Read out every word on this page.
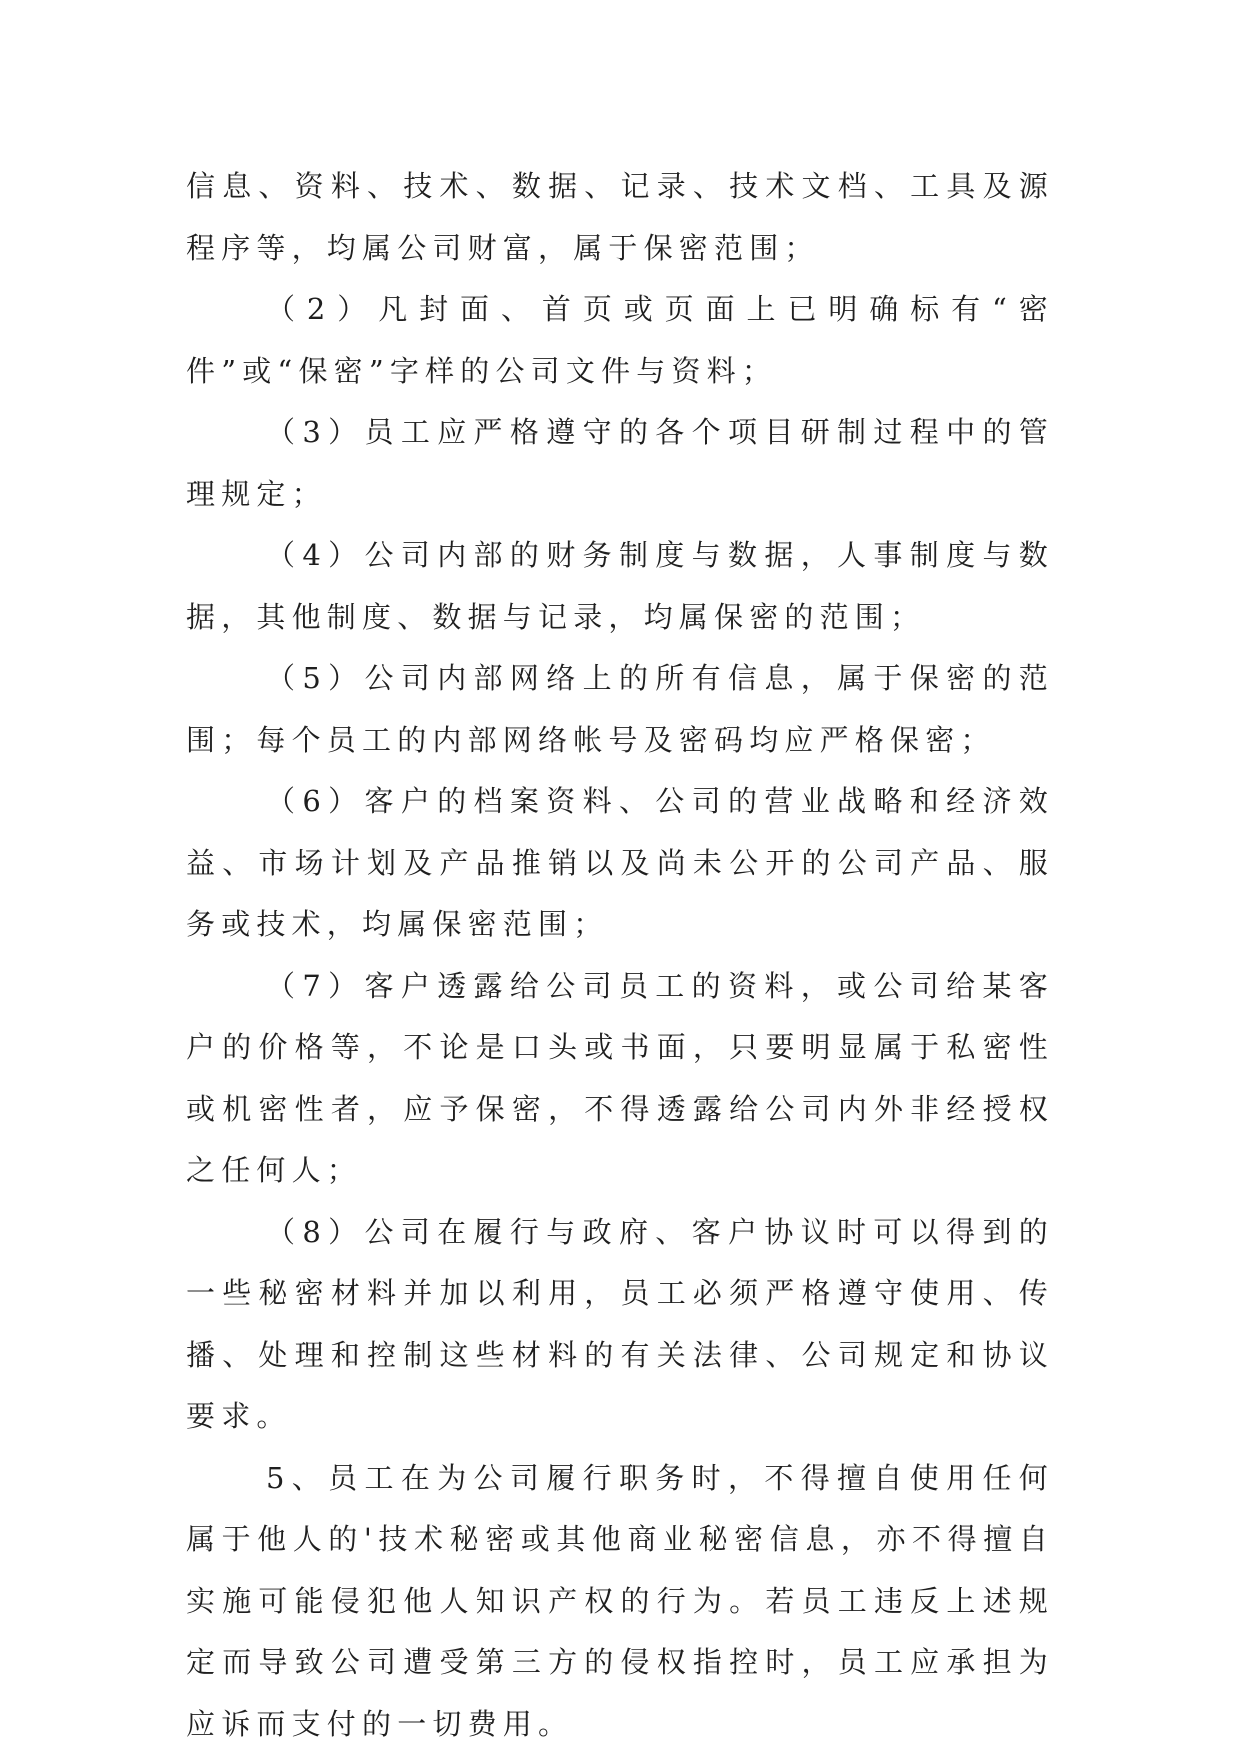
信息、资料、技术、数据、记录、技术文档、工具及源程序等，均属公司财富，属于保密范围；

（2）凡封面、首页或页面上已明确标有“密件”或“保密”字样的公司文件与资料；

（3）员工应严格遵守的各个项目研制过程中的管理规定；

（4）公司内部的财务制度与数据，人事制度与数据，其他制度、数据与记录，均属保密的范围；

（5）公司内部网络上的所有信息，属于保密的范围；每个员工的内部网络帐号及密码均应严格保密；

（6）客户的档案资料、公司的营业战略和经济效益、市场计划及产品推销以及尚未公开的公司产品、服务或技术，均属保密范围；

（7）客户透露给公司员工的资料，或公司给某客户的价格等，不论是口头或书面，只要明显属于私密性或机密性者，应予保密，不得透露给公司内外非经授权之任何人；

（8）公司在履行与政府、客户协议时可以得到的一些秘密材料并加以利用，员工必须严格遵守使用、传播、处理和控制这些材料的有关法律、公司规定和协议要求。

5、员工在为公司履行职务时，不得擅自使用任何属于他人的'技术秘密或其他商业秘密信息，亦不得擅自实施可能侵犯他人知识产权的行为。若员工违反上述规定而导致公司遭受第三方的侵权指控时，员工应承担为应诉而支付的一切费用。
